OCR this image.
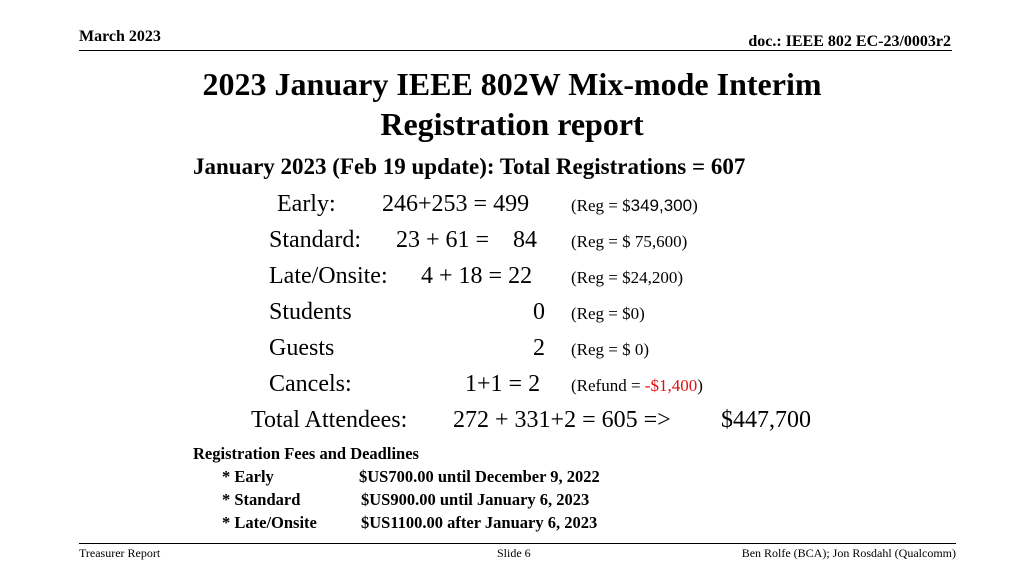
March 2023	doc.: IEEE 802 EC-23/0003r2
2023 January IEEE 802W Mix-mode Interim
Registration report
January 2023 (Feb 19 update): Total Registrations = 607
Early: 246+253 = 499 (Reg = $349,300)
Standard: 23 + 61 = 84 (Reg = $ 75,600)
Late/Onsite: 4 + 18 = 22 (Reg = $24,200)
Students	0 (Reg = $0)
Guests	2 (Reg = $ 0)
Cancels:	1+1 = 2 (Refund = -$1,400)
Total Attendees: 272 + 331+2 = 605 => $447,700
Registration Fees and Deadlines
* Early	$US700.00 until December 9, 2022
* Standard	$US900.00 until January 6, 2023
* Late/Onsite	$US1100.00 after January 6, 2023
Treasurer Report	Slide 6	Ben Rolfe (BCA); Jon Rosdahl (Qualcomm)
